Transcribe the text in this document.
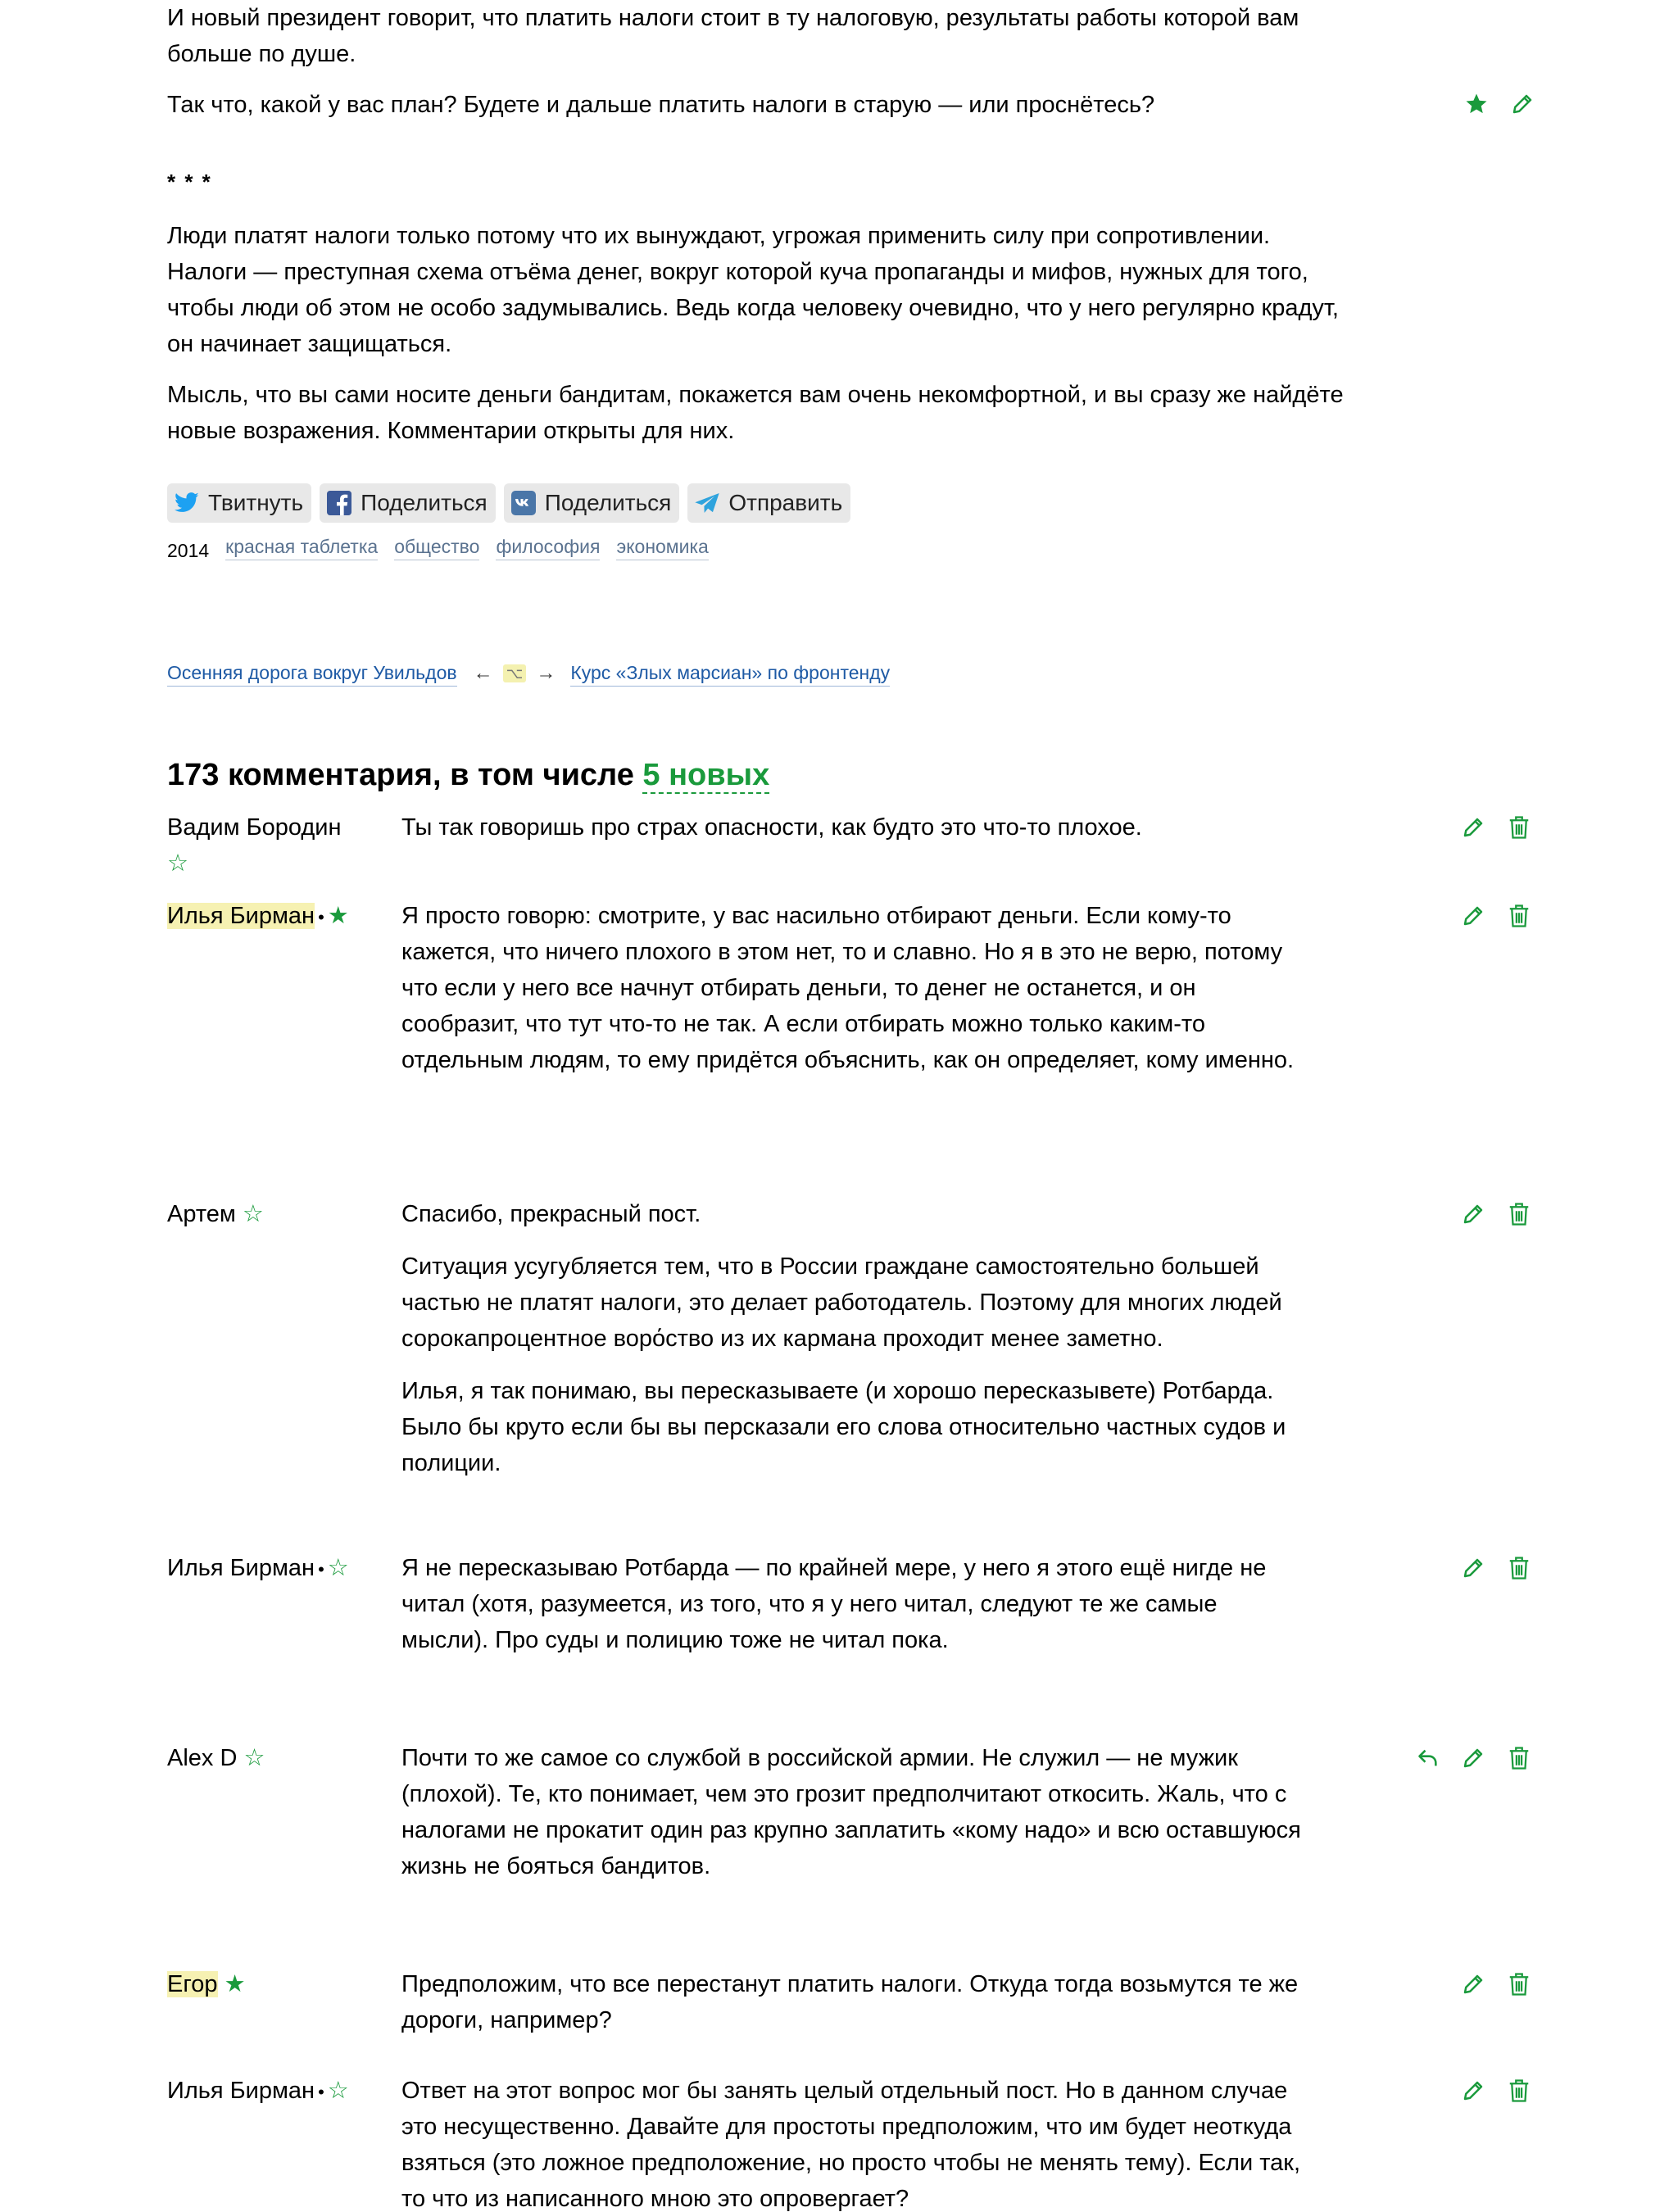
И новый президент говорит, что платить налоги стоит в ту налоговую, результаты работы которой вам больше по душе.
Так что, какой у вас план? Будете и дальше платить налоги в старую — или проснётесь?
* * *
Люди платят налоги только потому что их вынуждают, угрожая применить силу при сопротивлении. Налоги — преступная схема отъёма денег, вокруг которой куча пропаганды и мифов, нужных для того, чтобы люди об этом не особо задумывались. Ведь когда человеку очевидно, что у него регулярно крадут, он начинает защищаться.
Мысль, что вы сами носите деньги бандитам, покажется вам очень некомфортной, и вы сразу же найдёте новые возражения. Комментарии открыты для них.
Твитнуть	Поделиться	Поделиться	Отправить
2014 красная таблетка общество философия экономика
Осенняя дорога вокруг Увильдов ← ⌥ → Курс «Злых марсиан» по фронтенду
173 комментария, в том числе 5 новых
Вадим Бородин
☆

Ты так говоришь про страх опасности, как будто это что-то плохое.

Илья Бирман • ★	Я просто говорю: смотрите, у вас насильно отбирают деньги. Если кому-то кажется, что ничего плохого в этом нет, то и славно. Но я в это не верю, потому что если у него все начнут отбирать деньги, то денег не останется, и он сообразит, что тут что-то не так. А если отбирать можно только каким-то отдельным людям, то ему придётся объяснить, как он определяет, кому именно.

Артем ☆	Спасибо, прекрасный пост.

Ситуация усугубляется тем, что в России граждане самостоятельно большей частью не платят налоги, это делает работодатель. Поэтому для многих людей сорокапроцентное ворόство из их кармана проходит менее заметно.

Илья, я так понимаю, вы пересказываете (и хорошо пересказывете) Ротбарда. Было бы круто если бы вы персказали его слова относительно частных судов и полиции.

Илья Бирман • ☆	Я не пересказываю Ротбарда — по крайней мере, у него я этого ещё нигде не читал (хотя, разумеется, из того, что я у него читал, следуют те же самые мысли). Про суды и полицию тоже не читал пока.

Alex D ☆	Почти то же самое со службой в российской армии. Не служил — не мужик (плохой). Те, кто понимает, чем это грозит предполчитают откосить. Жаль, что с налогами не прокатит один раз крупно заплатить «кому надо» и всю оставшуюся жизнь не бояться бандитов.

Егор ★	Предположим, что все перестанут платить налоги. Откуда тогда возьмутся те же дороги, например?

Илья Бирман • ☆	Ответ на этот вопрос мог бы занять целый отдельный пост. Но в данном случае это несущественно. Давайте для простоты предположим, что им будет неоткуда взяться (это ложное предположение, но просто чтобы не менять тему). Если так, то что из написанного мною это опровергает?
